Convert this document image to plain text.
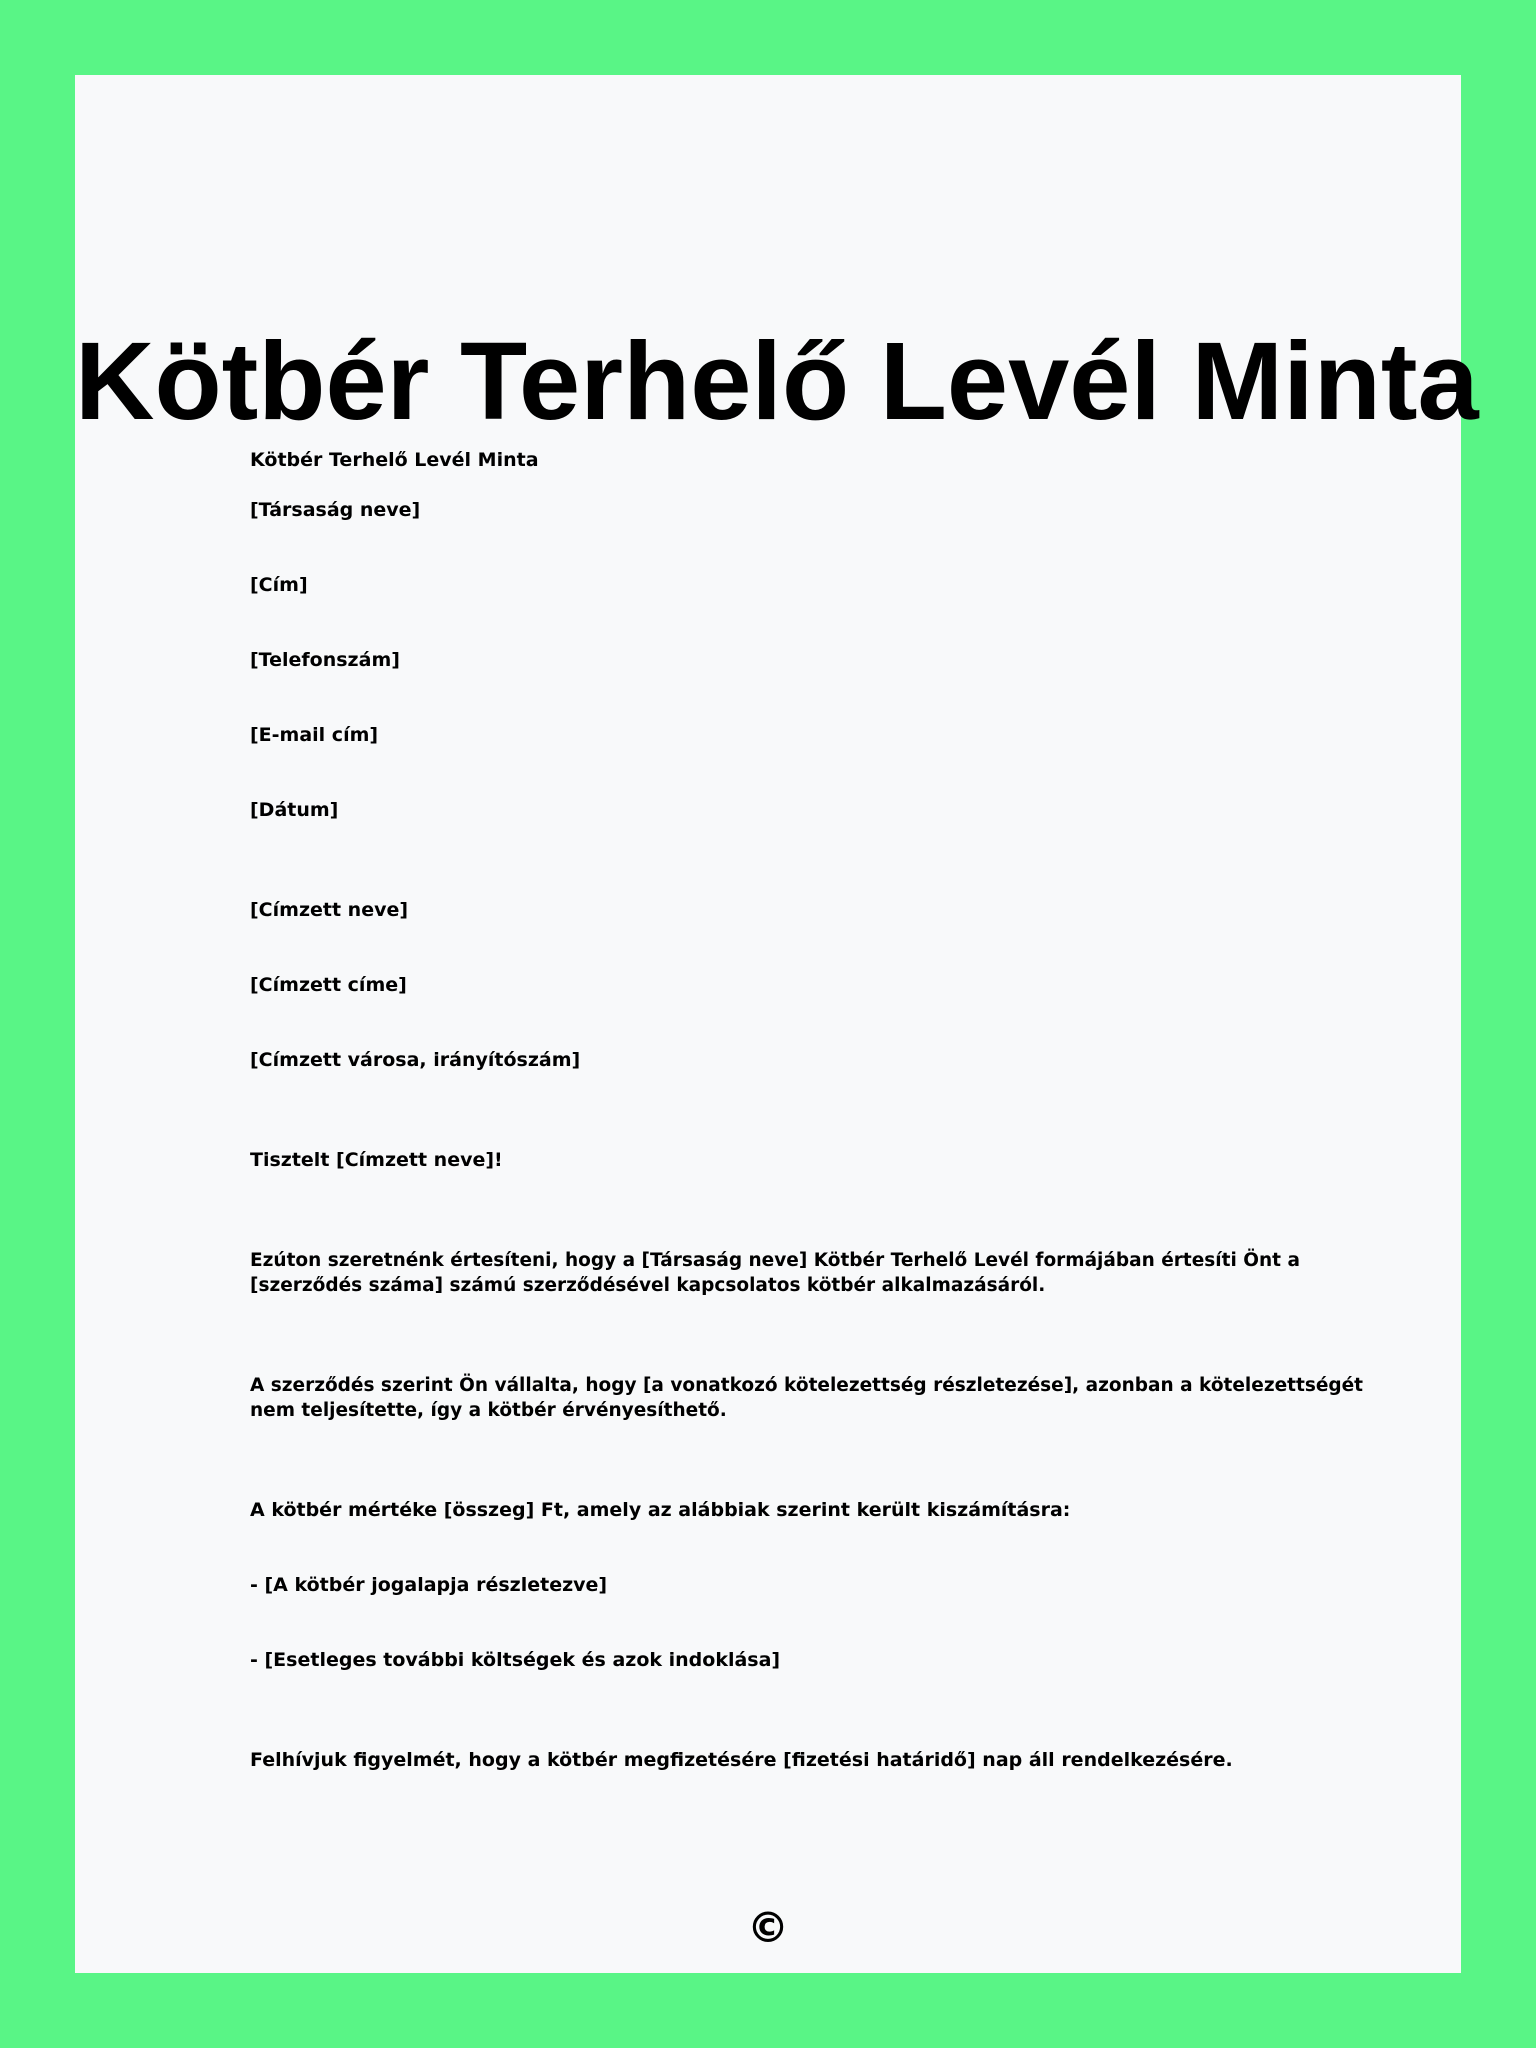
Kötbér Terhelő Levél Minta

Kötbér Terhelő Levél Minta

[Társaság neve]

[Cím]

[Telefonszám]

[E-mail cím]

[Dátum]

[Címzett neve]

[Címzett címe]

[Címzett városa, irányítószám]

Tisztelt [Címzett neve]!

Ezúton szeretnénk értesíteni, hogy a [Társaság neve] Kötbér Terhelő Levél formájában értesíti Önt a

[szerződés száma] számú szerződésével kapcsolatos kötbér alkalmazásáról.

A szerződés szerint Ön vállalta, hogy [a vonatkozó kötelezettség részletezése], azonban a kötelezettségét

nem teljesítette, így a kötbér érvényesíthető.

A kötbér mértéke [összeg] Ft, amely az alábbiak szerint került kiszámításra:

- [A kötbér jogalapja részletezve]

- [Esetleges további költségek és azok indoklása]

Felhívjuk figyelmét, hogy a kötbér megfizetésére [fizetési határidő] nap áll rendelkezésére.

©
